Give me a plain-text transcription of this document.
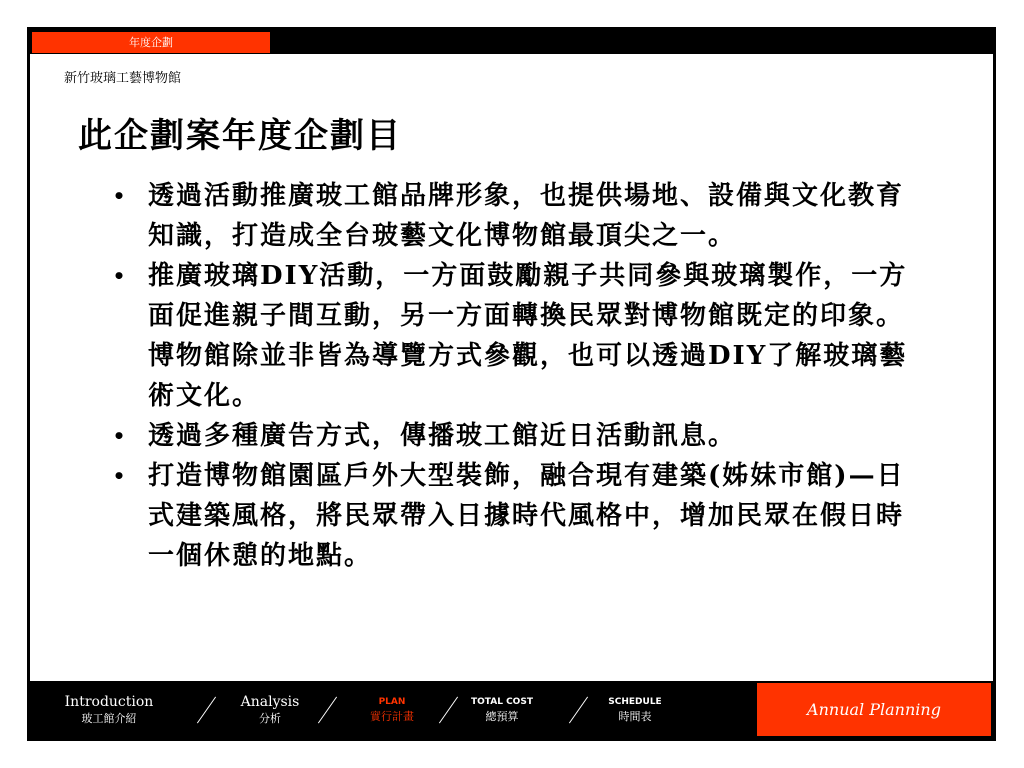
年度企劃
新竹玻璃工藝博物館
此企劃案年度企劃目
• 透過活動推廣玻工館品牌形象，也提供場地、設備與文化教育知識，打造成全台玻藝文化博物館最頂尖之一。
• 推廣玻璃DIY活動，一方面鼓勵親子共同參與玻璃製作，一方面促進親子間互動，另一方面轉換民眾對博物館既定的印象。博物館除並非皆為導覽方式參觀，也可以透過DIY了解玻璃藝術文化。
• 透過多種廣告方式，傳播玻工館近日活動訊息。
• 打造博物館園區戶外大型裝飾，融合現有建築(姊妹市館)—日式建築風格，將民眾帶入日據時代風格中，增加民眾在假日時一個休憩的地點。
Introduction
玻工館介紹
Analysis
分析
PLAN
實行計畫
TOTAL COST
總預算
SCHEDULE
時間表	Annual Planning
